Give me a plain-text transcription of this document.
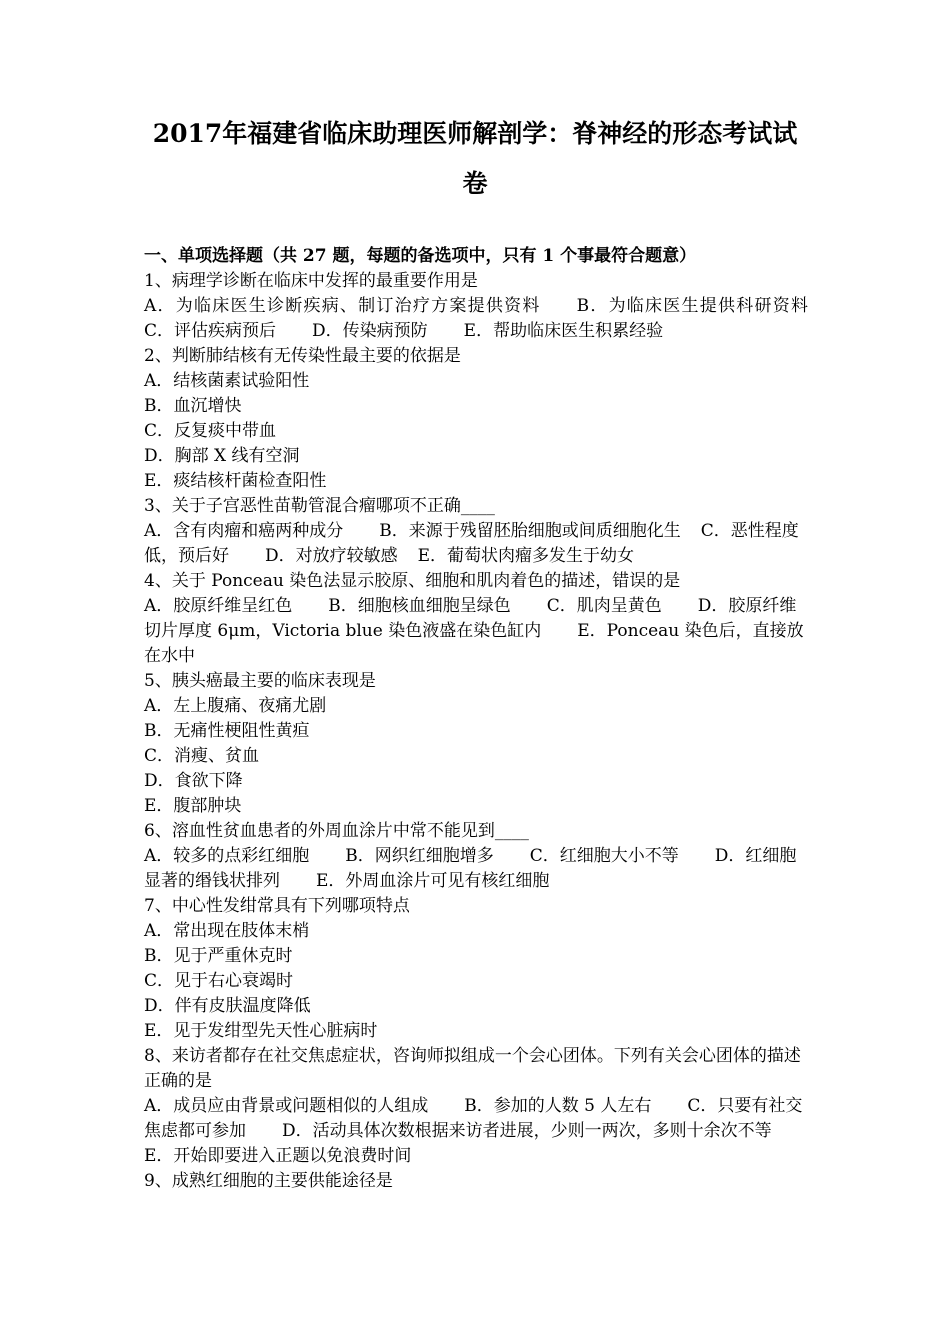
2017年福建省临床助理医师解剖学：脊神经的形态考试试
卷
一、单项选择题（共 27 题，每题的备选项中，只有 1 个事最符合题意）
1、病理学诊断在临床中发挥的最重要作用是
A．为临床医生诊断疾病、制订治疗方案提供资料 B．为临床医生提供科研资料
C．评估疾病预后 D．传染病预防 E．帮助临床医生积累经验
2、判断肺结核有无传染性最主要的依据是
A．结核菌素试验阳性
B．血沉增快
C．反复痰中带血
D．胸部 X 线有空洞
E．痰结核杆菌检查阳性
3、关于子宫恶性苗勒管混合瘤哪项不正确____
A．含有肉瘤和癌两种成分 B．来源于残留胚胎细胞或间质细胞化生 C．恶性程度低，预后好 D．对放疗较敏感 E．葡萄状肉瘤多发生于幼女
4、关于 Ponceau 染色法显示胶原、细胞和肌肉着色的描述，错误的是
A．胶原纤维呈红色 B．细胞核血细胞呈绿色 C．肌肉呈黄色 D．胶原纤维切片厚度 6μm，Victoria blue 染色液盛在染色缸内 E．Ponceau 染色后，直接放在水中
5、胰头癌最主要的临床表现是
A．左上腹痛、夜痛尤剧
B．无痛性梗阻性黄疸
C．消瘦、贫血
D．食欲下降
E．腹部肿块
6、溶血性贫血患者的外周血涂片中常不能见到____
A．较多的点彩红细胞 B．网织红细胞增多 C．红细胞大小不等 D．红细胞显著的缗钱状排列 E．外周血涂片可见有核红细胞
7、中心性发绀常具有下列哪项特点
A．常出现在肢体末梢
B．见于严重休克时
C．见于右心衰竭时
D．伴有皮肤温度降低
E．见于发绀型先天性心脏病时
8、来访者都存在社交焦虑症状，咨询师拟组成一个会心团体。下列有关会心团体的描述正确的是
A．成员应由背景或问题相似的人组成 B．参加的人数 5 人左右 C．只要有社交焦虑都可参加 D．活动具体次数根据来访者进展，少则一两次，多则十余次不等E．开始即要进入正题以免浪费时间
9、成熟红细胞的主要供能途径是
